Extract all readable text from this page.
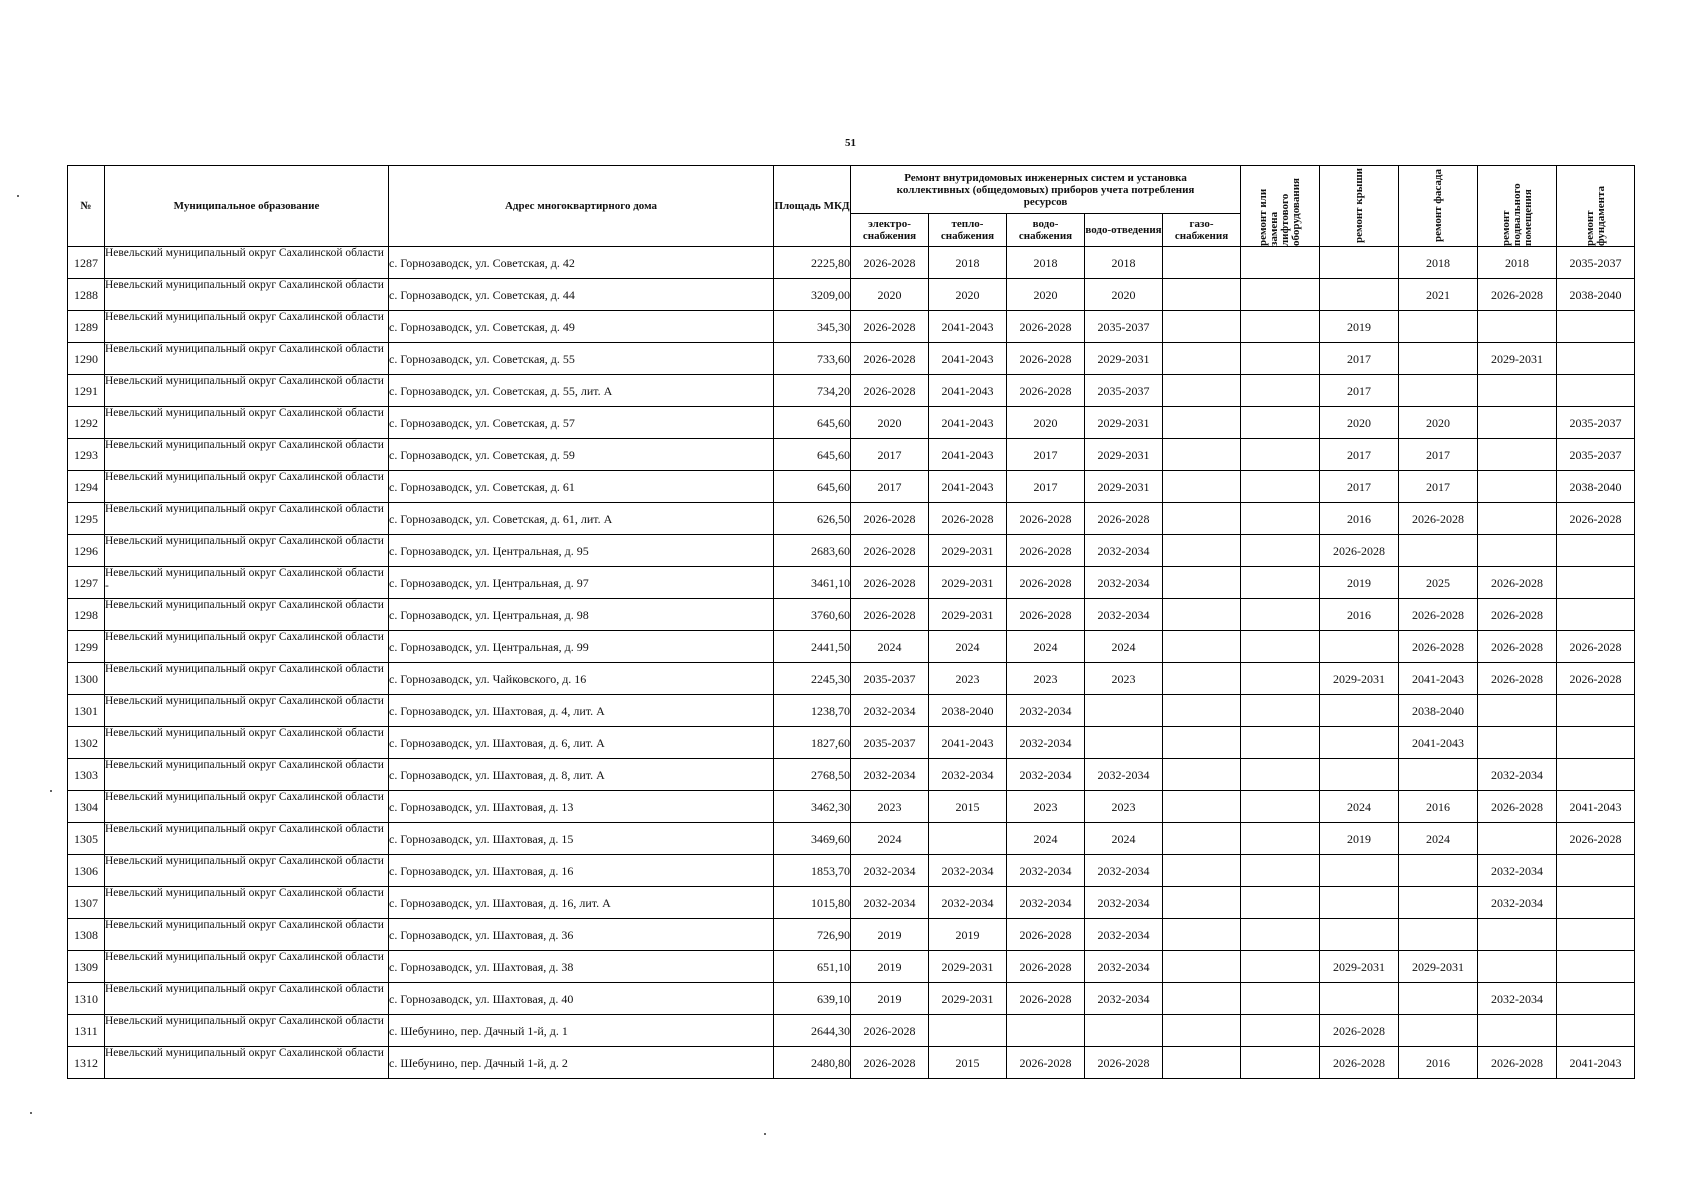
51
№	Муниципальное образование	Адрес многоквартирного дома	Площадь МКД	Ремонт внутридомовых инженерных систем и установка коллективных (общедомовых) приборов учета потребления ресурсов					ремонт или замена лифтового оборудования	ремонт крыши	ремонт фасада	ремонт подвального помещения	ремонт фундамента

				электро-снабжения	тепло-снабжения	водо-снабжения	водо-отведения	газо-снабжения					
1287	Невельский муниципальный округ Сахалинской области	с. Горнозаводск, ул. Советская, д. 42	2225,80	2026-2028	2018	2018	2018				2018	2018	2035-2037
1288	Невельский муниципальный округ Сахалинской области	с. Горнозаводск, ул. Советская, д. 44	3209,00	2020	2020	2020	2020				2021	2026-2028	2038-2040
1289	Невельский муниципальный округ Сахалинской области	с. Горнозаводск, ул. Советская, д. 49	345,30	2026-2028	2041-2043	2026-2028	2035-2037			2019			
1290	Невельский муниципальный округ Сахалинской области	с. Горнозаводск, ул. Советская, д. 55	733,60	2026-2028	2041-2043	2026-2028	2029-2031			2017		2029-2031	
1291	Невельский муниципальный округ Сахалинской области	с. Горнозаводск, ул. Советская, д. 55, лит. А	734,20	2026-2028	2041-2043	2026-2028	2035-2037			2017			
1292	Невельский муниципальный округ Сахалинской области	с. Горнозаводск, ул. Советская, д. 57	645,60	2020	2041-2043	2020	2029-2031			2020	2020		2035-2037
1293	Невельский муниципальный округ Сахалинской области	с. Горнозаводск, ул. Советская, д. 59	645,60	2017	2041-2043	2017	2029-2031			2017	2017		2035-2037
1294	Невельский муниципальный округ Сахалинской области	с. Горнозаводск, ул. Советская, д. 61	645,60	2017	2041-2043	2017	2029-2031			2017	2017		2038-2040
1295	Невельский муниципальный округ Сахалинской области	с. Горнозаводск, ул. Советская, д. 61, лит. А	626,50	2026-2028	2026-2028	2026-2028	2026-2028			2016	2026-2028		2026-2028
1296	Невельский муниципальный округ Сахалинской области	с. Горнозаводск, ул. Центральная, д. 95	2683,60	2026-2028	2029-2031	2026-2028	2032-2034			2026-2028			
1297	Невельский муниципальный округ Сахалинской области -	с. Горнозаводск, ул. Центральная, д. 97	3461,10	2026-2028	2029-2031	2026-2028	2032-2034			2019	2025	2026-2028	
1298	Невельский муниципальный округ Сахалинской области	с. Горнозаводск, ул. Центральная, д. 98	3760,60	2026-2028	2029-2031	2026-2028	2032-2034			2016	2026-2028	2026-2028	
1299	Невельский муниципальный округ Сахалинской области	с. Горнозаводск, ул. Центральная, д. 99	2441,50	2024	2024	2024	2024				2026-2028	2026-2028	2026-2028
1300	Невельский муниципальный округ Сахалинской области	с. Горнозаводск, ул. Чайковского, д. 16	2245,30	2035-2037	2023	2023	2023			2029-2031	2041-2043	2026-2028	2026-2028
1301	Невельский муниципальный округ Сахалинской области	с. Горнозаводск, ул. Шахтовая, д. 4, лит. А	1238,70	2032-2034	2038-2040	2032-2034					2038-2040		
1302	Невельский муниципальный округ Сахалинской области	с. Горнозаводск, ул. Шахтовая, д. 6, лит. А	1827,60	2035-2037	2041-2043	2032-2034					2041-2043		
1303	Невельский муниципальный округ Сахалинской области	с. Горнозаводск, ул. Шахтовая, д. 8, лит. А	2768,50	2032-2034	2032-2034	2032-2034	2032-2034					2032-2034	
1304	Невельский муниципальный округ Сахалинской области	с. Горнозаводск, ул. Шахтовая, д. 13	3462,30	2023	2015	2023	2023			2024	2016	2026-2028	2041-2043
1305	Невельский муниципальный округ Сахалинской области	с. Горнозаводск, ул. Шахтовая, д. 15	3469,60	2024		2024	2024			2019	2024		2026-2028
1306	Невельский муниципальный округ Сахалинской области	с. Горнозаводск, ул. Шахтовая, д. 16	1853,70	2032-2034	2032-2034	2032-2034	2032-2034					2032-2034	
1307	Невельский муниципальный округ Сахалинской области	с. Горнозаводск, ул. Шахтовая, д. 16, лит. А	1015,80	2032-2034	2032-2034	2032-2034	2032-2034					2032-2034	
1308	Невельский муниципальный округ Сахалинской области	с. Горнозаводск, ул. Шахтовая, д. 36	726,90	2019	2019	2026-2028	2032-2034						
1309	Невельский муниципальный округ Сахалинской области	с. Горнозаводск, ул. Шахтовая, д. 38	651,10	2019	2029-2031	2026-2028	2032-2034			2029-2031	2029-2031		
1310	Невельский муниципальный округ Сахалинской области	с. Горнозаводск, ул. Шахтовая, д. 40	639,10	2019	2029-2031	2026-2028	2032-2034					2032-2034	
1311	Невельский муниципальный округ Сахалинской области	с. Шебунино, пер. Дачный 1-й, д. 1	2644,30	2026-2028						2026-2028			
1312	Невельский муниципальный округ Сахалинской области	с. Шебунино, пер. Дачный 1-й, д. 2	2480,80	2026-2028	2015	2026-2028	2026-2028			2026-2028	2016	2026-2028	2041-2043
